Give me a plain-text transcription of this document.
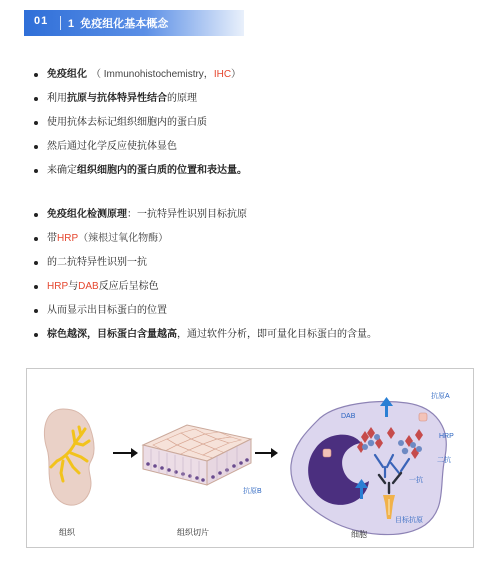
01 1 免疫组化基本概念
免疫组化 （ Immunohistochemistry， IHC ）
利用 抗原与抗体特异性结合 的原理
使用抗体去标记组织细胞内的蛋白质
然后通过化学反应使抗体显色
来确定 组织细胞内的蛋白质的位置和表达量。
免疫组化检测原理 ：一抗特异性识别目标抗原
带 HRP （辣根过氧化物酶）
的二抗特异性识别一抗
HRP 与 DAB 反应后呈棕色
从而显示出目标蛋白的位置
棕色越深，目标蛋白含量越高 ，通过软件分析，即可量化目标蛋白的含量。
组织	组织切片	细胞
抗原A
DAB
HRP
二抗
一抗
抗原B
目标抗原
